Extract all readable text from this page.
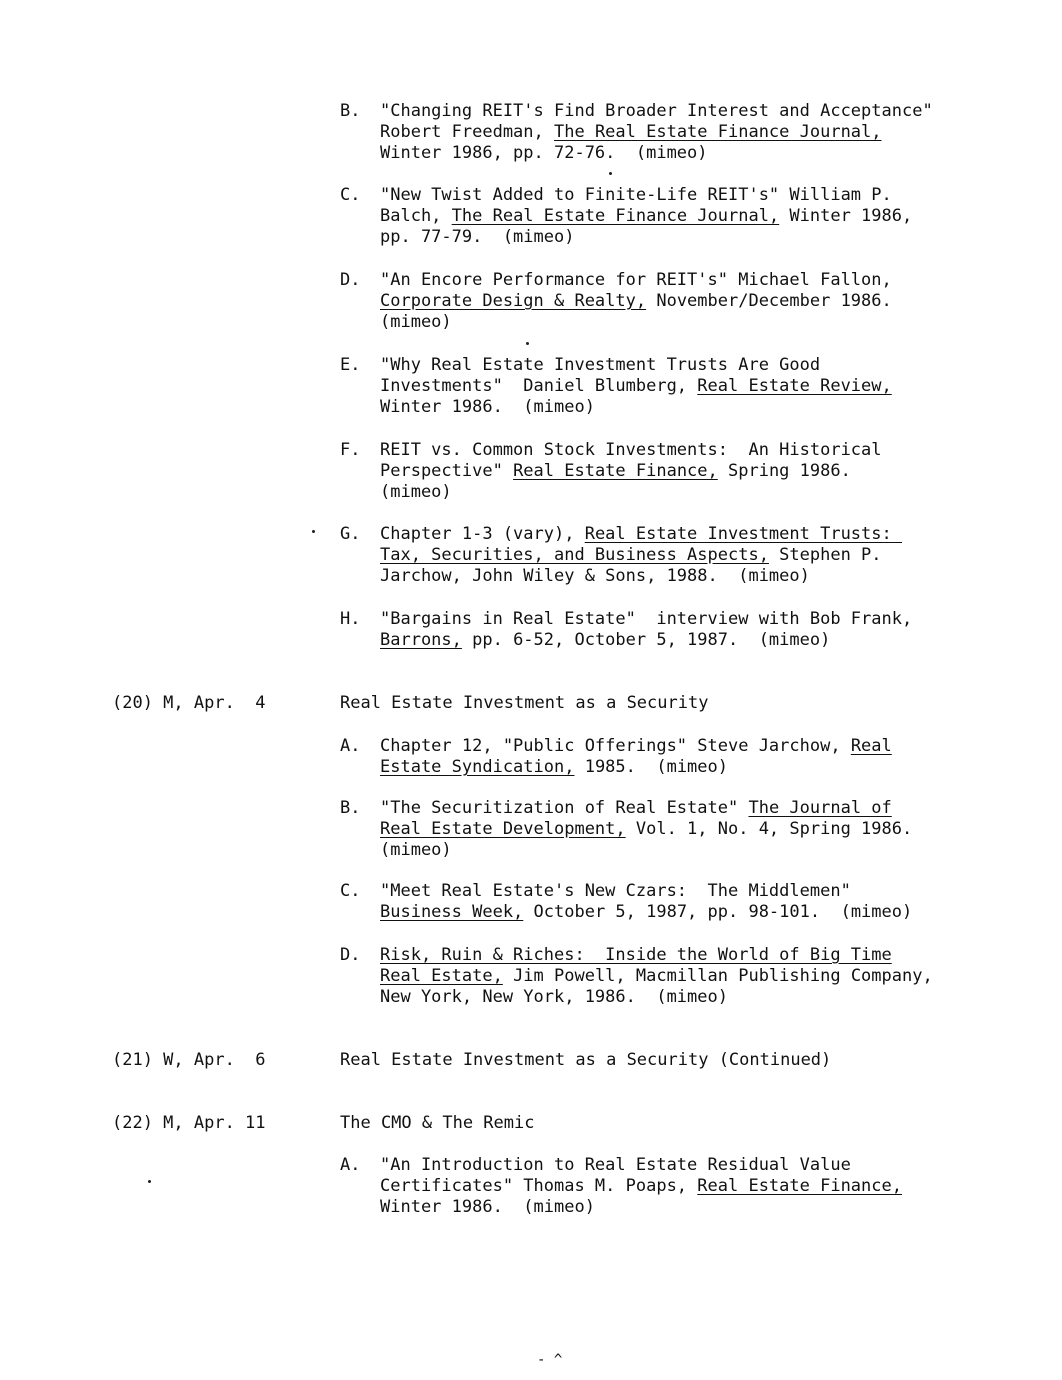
B. "Changing REIT's Find Broader Interest and Acceptance"
Robert Freedman, The Real Estate Finance Journal,
Winter 1986, pp. 72-76.  (mimeo)
C. "New Twist Added to Finite-Life REIT's" William P.
Balch, The Real Estate Finance Journal, Winter 1986,
pp. 77-79.  (mimeo)
D. "An Encore Performance for REIT's" Michael Fallon,
Corporate Design & Realty, November/December 1986.
(mimeo)
E. "Why Real Estate Investment Trusts Are Good
Investments"  Daniel Blumberg, Real Estate Review,
Winter 1986.  (mimeo)
F. REIT vs. Common Stock Investments:  An Historical
Perspective" Real Estate Finance, Spring 1986.
(mimeo)
G. Chapter 1-3 (vary), Real Estate Investment Trusts:
Tax, Securities, and Business Aspects, Stephen P.
Jarchow, John Wiley & Sons, 1988.  (mimeo)
H. "Bargains in Real Estate"  interview with Bob Frank,
Barrons, pp. 6-52, October 5, 1987.  (mimeo)
(20) M, Apr.  4	Real Estate Investment as a Security
A. Chapter 12, "Public Offerings" Steve Jarchow, Real
Estate Syndication, 1985.  (mimeo)
B. "The Securitization of Real Estate" The Journal of
Real Estate Development, Vol. 1, No. 4, Spring 1986.
(mimeo)
C. "Meet Real Estate's New Czars:  The Middlemen"
Business Week, October 5, 1987, pp. 98-101.  (mimeo)
D. Risk, Ruin & Riches:  Inside the World of Big Time
Real Estate, Jim Powell, Macmillan Publishing Company,
New York, New York, 1986.  (mimeo)
(21) W, Apr.  6	Real Estate Investment as a Security (Continued)
(22) M, Apr. 11	The CMO & The Remic
A. "An Introduction to Real Estate Residual Value
Certificates" Thomas M. Poaps, Real Estate Finance,
Winter 1986.  (mimeo)
- ^
